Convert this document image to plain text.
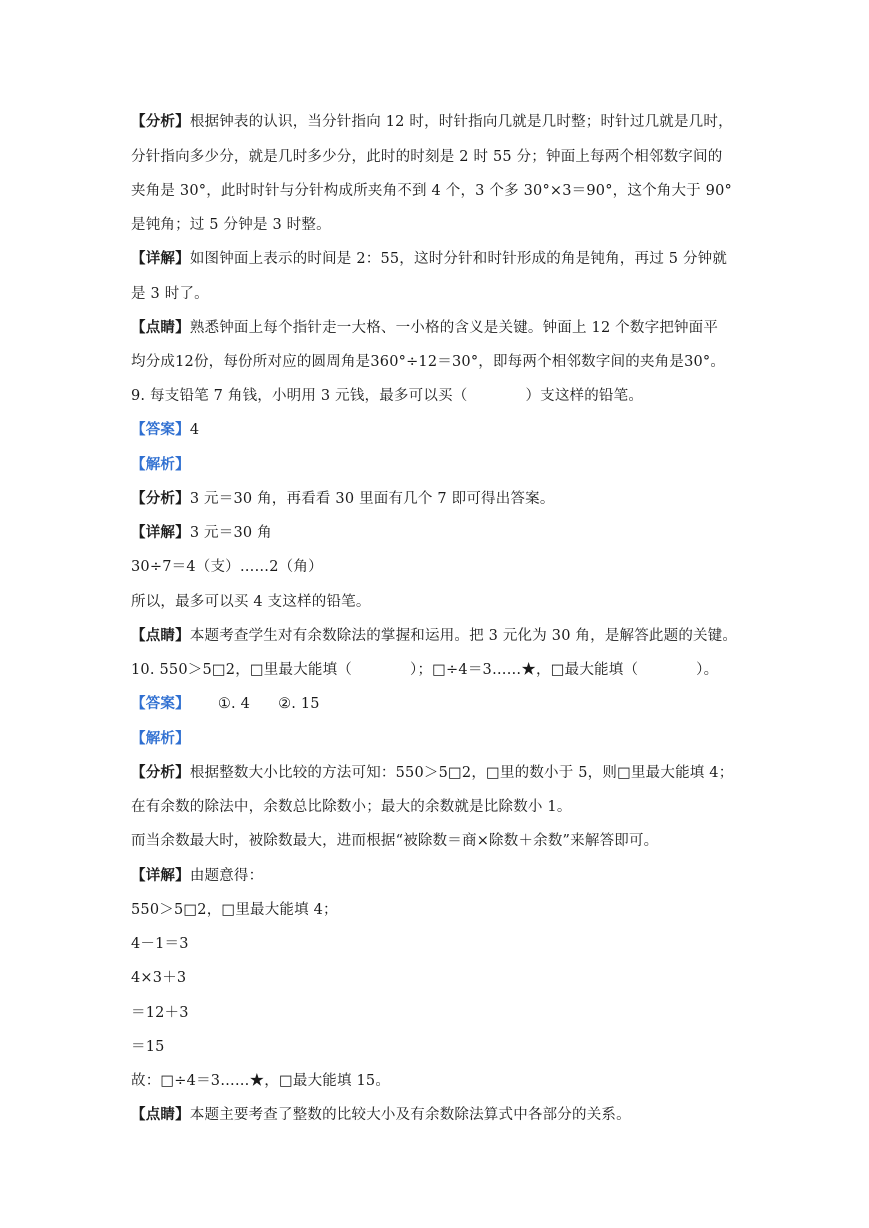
【分析】根据钟表的认识，当分针指向 12 时，时针指向几就是几时整；时针过几就是几时，
分针指向多少分，就是几时多少分，此时的时刻是 2 时 55 分；钟面上每两个相邻数字间的
夹角是 30°，此时时针与分针构成所夹角不到 4 个，3 个多 30°×3＝90°，这个角大于 90°
是钝角；过 5 分钟是 3 时整。
【详解】如图钟面上表示的时间是 2：55，这时分针和时针形成的角是钝角，再过 5 分钟就
是 3 时了。
【点睛】熟悉钟面上每个指针走一大格、一小格的含义是关键。钟面上 12 个数字把钟面平
均分成12份，每份所对应的圆周角是360°÷12＝30°，即每两个相邻数字间的夹角是30°。
9. 每支铅笔 7 角钱，小明用 3 元钱，最多可以买（	）支这样的铅笔。
【答案】4
【解析】
【分析】3 元＝30 角，再看看 30 里面有几个 7 即可得出答案。
【详解】3 元＝30 角
30÷7＝4（支）……2（角）
所以，最多可以买 4 支这样的铅笔。
【点睛】本题考查学生对有余数除法的掌握和运用。把 3 元化为 30 角，是解答此题的关键。
10. 550＞5□2，□里最大能填（	）；□÷4＝3……★，□最大能填（	）。
【答案】 ①. 4 ②. 15
【解析】
【分析】根据整数大小比较的方法可知：550＞5□2，□里的数小于 5，则□里最大能填 4；
在有余数的除法中，余数总比除数小；最大的余数就是比除数小 1。
而当余数最大时，被除数最大，进而根据“被除数＝商×除数＋余数”来解答即可。
【详解】由题意得：
550＞5□2，□里最大能填 4；
4－1＝3
4×3＋3
＝12＋3
＝15
故：□÷4＝3……★，□最大能填 15。
【点睛】本题主要考查了整数的比较大小及有余数除法算式中各部分的关系。
